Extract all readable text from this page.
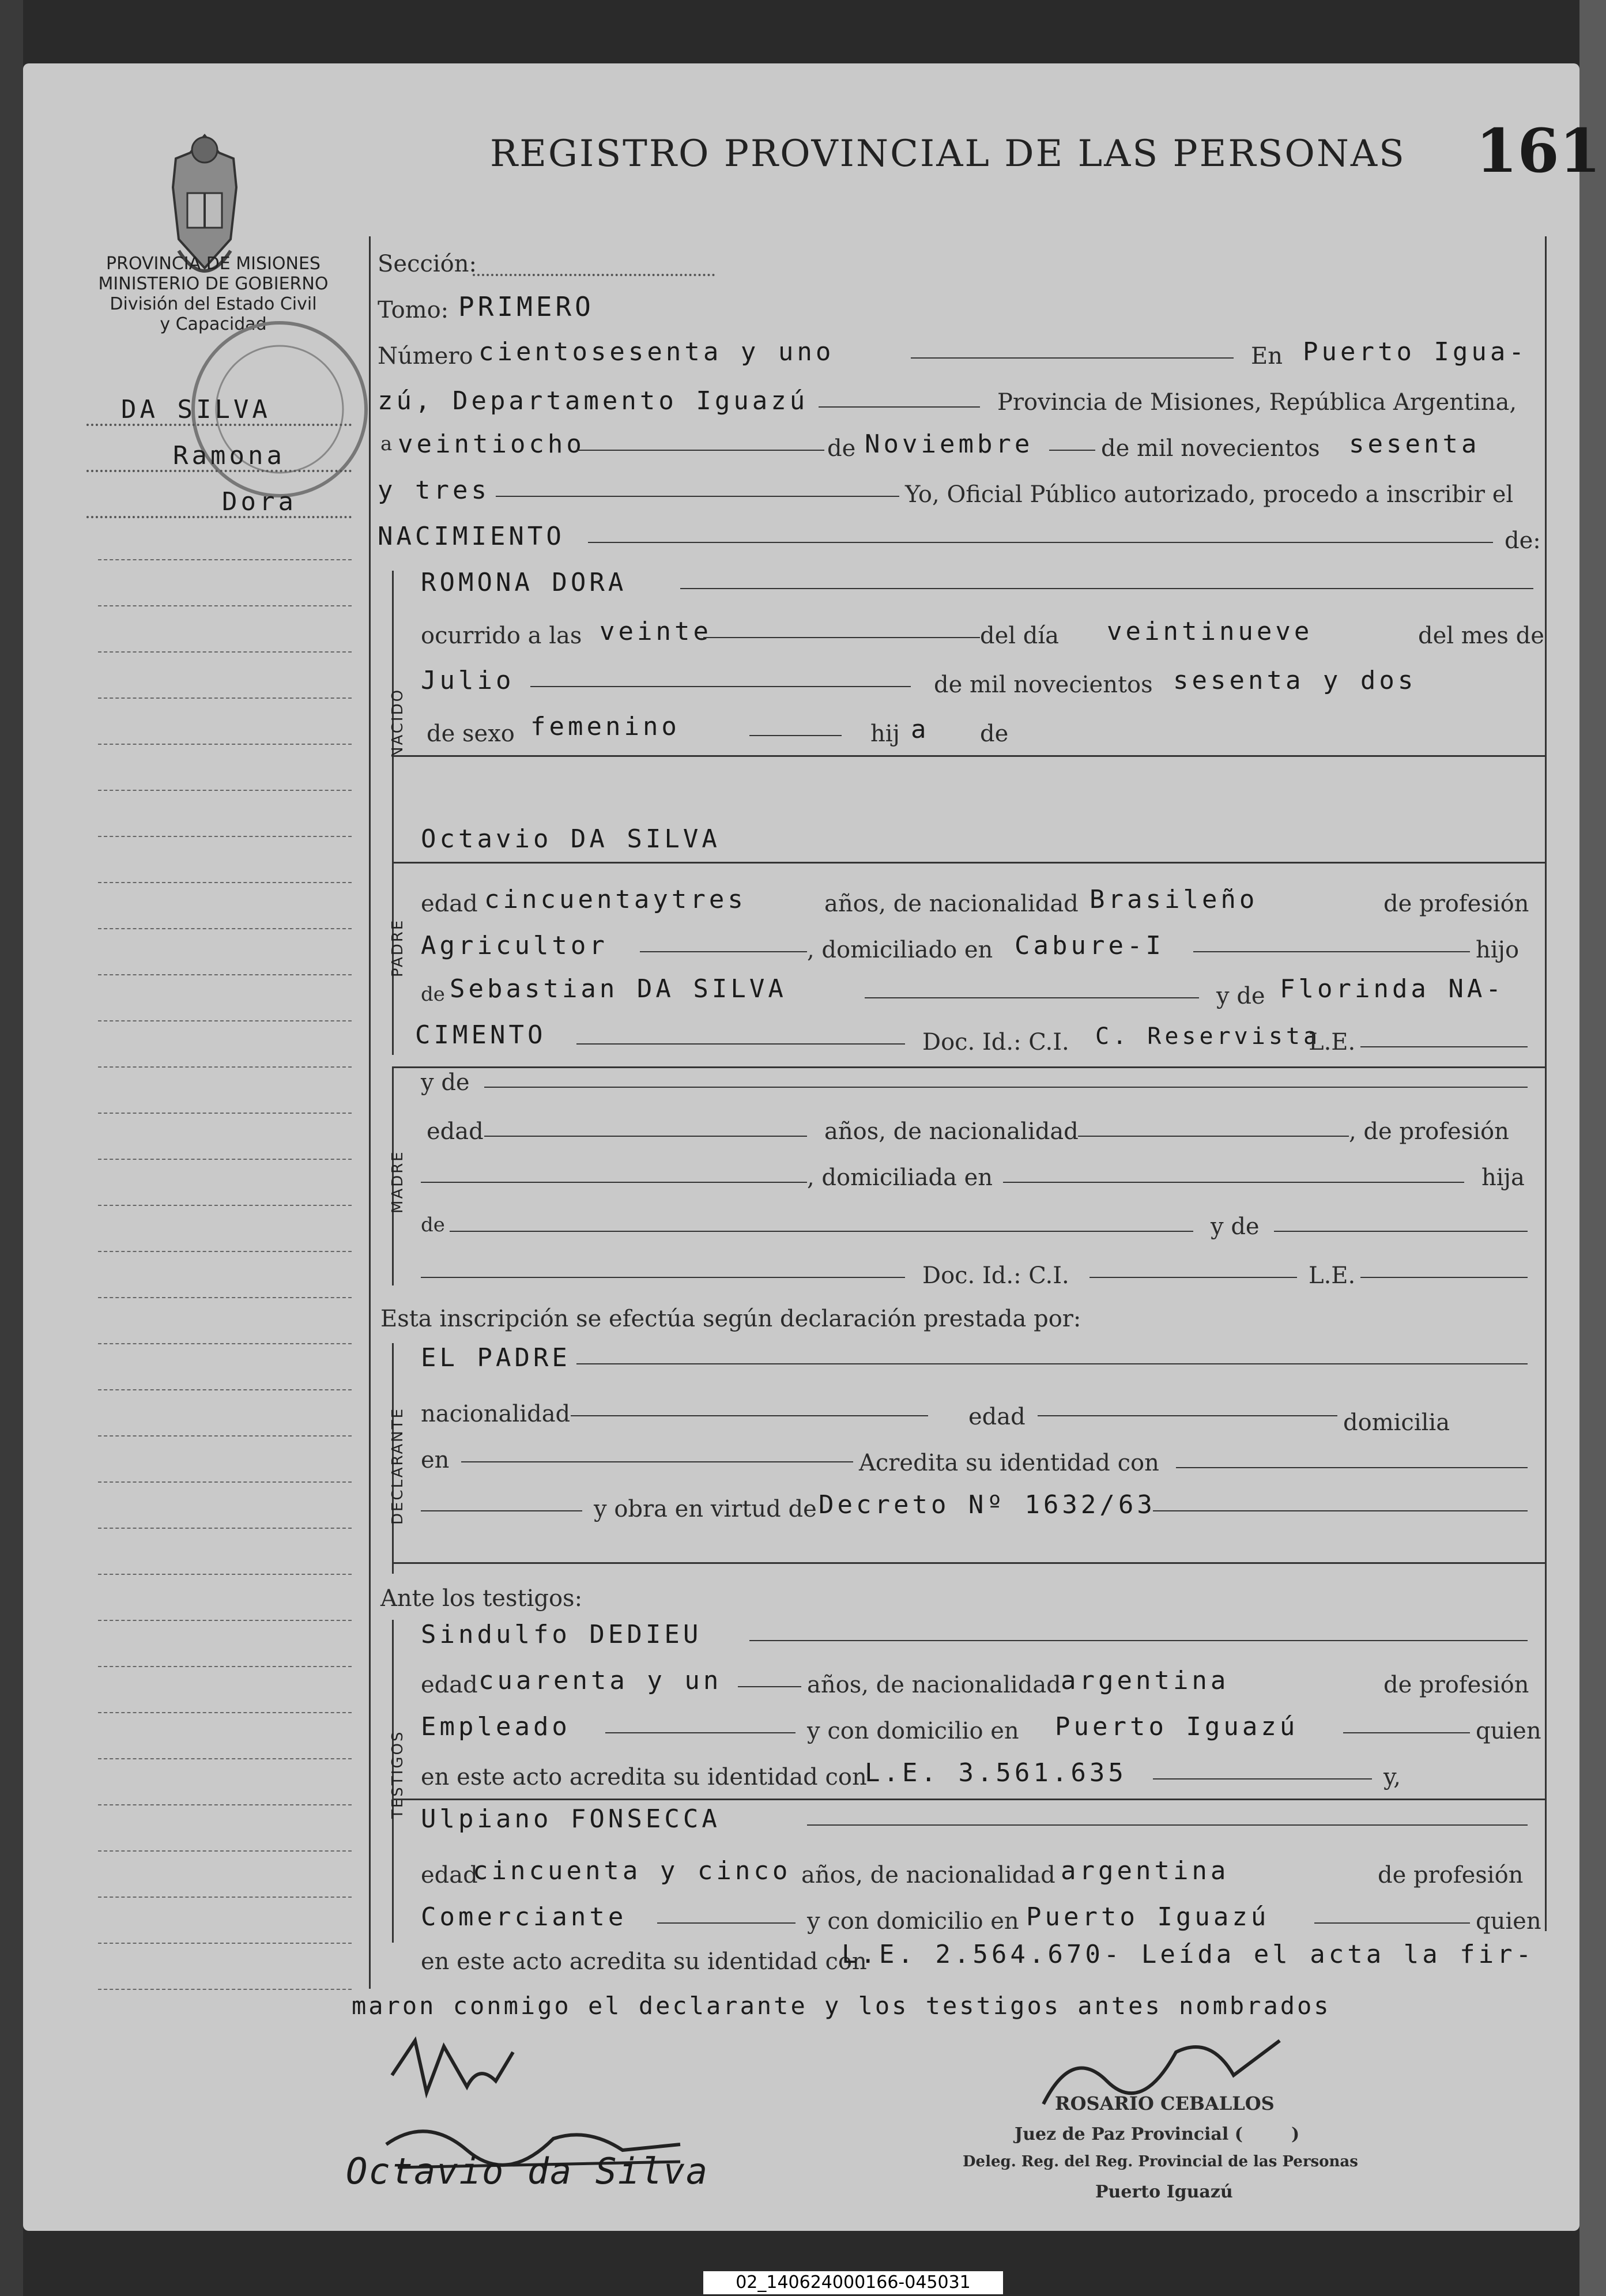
REGISTRO PROVINCIAL DE LAS PERSONAS 161
PROVINCIA DE MISIONES
MINISTERIO DE GOBIERNO
División del Estado Civil
y Capacidad
DA SILVA
Ramona
Dora
Sección:
Tomo: PRIMERO
Número cientosesenta y uno	En Puerto Igua-
zú, Departamento Iguazú	Provincia de Misiones, República Argentina,
a veintiocho	de Noviembre	de mil novecientos sesenta
y tres	Yo, Oficial Público autorizado, procedo a inscribir el
NACIMIENTO	de:
NACIDO
ROMONA DORA
ocurrido a las veinte	del día veintinueve	del mes de
Julio	de mil novecientos sesenta y dos
de sexo femenino	hij a de
PADRE
Octavio DA SILVA
edad cincuentaytres	años, de nacionalidad Brasileño	de profesión
Agricultor	, domiciliado en Cabure-I	hijo
de Sebastian DA SILVA	y de Florinda NA-
CIMENTO	Doc. Id.: C.I. C. Reservista
L.E.
MADRE
y de
edad	años, de nacionalidad	, de profesión
, domiciliada en	hija
de	y de
Doc. Id.: C.I.	L.E.
Esta inscripción se efectúa según declaración prestada por:
DECLARANTE
EL PADRE
nacionalidad	edad	domicilia
en	Acredita su identidad con
y obra en virtud de Decreto Nº 1632/63
Ante los testigos:
TESTIGOS
Sindulfo DEDIEU
edad cuarenta y un	años, de nacionalidad argentina	de profesión
Empleado	y con domicilio en Puerto Iguazú	quien
en este acto acredita su identidad con
L.E. 3.561.635	y,
Ulpiano FONSECCA
edad
cincuenta y cinco años, de nacionalidad argentina	de profesión
Comerciante	y con domicilio en Puerto Iguazú	quien
en este acto acredita su identidad con
L.E. 2.564.670- Leída el acta la fir-
maron conmigo el declarante y los testigos antes nombrados
Octavio da Silva
ROSARIO CEBALLOS
Juez de Paz Provincial (	)
Deleg. Reg. del Reg. Provincial de las Personas
Puerto Iguazú
02_140624000166-045031
